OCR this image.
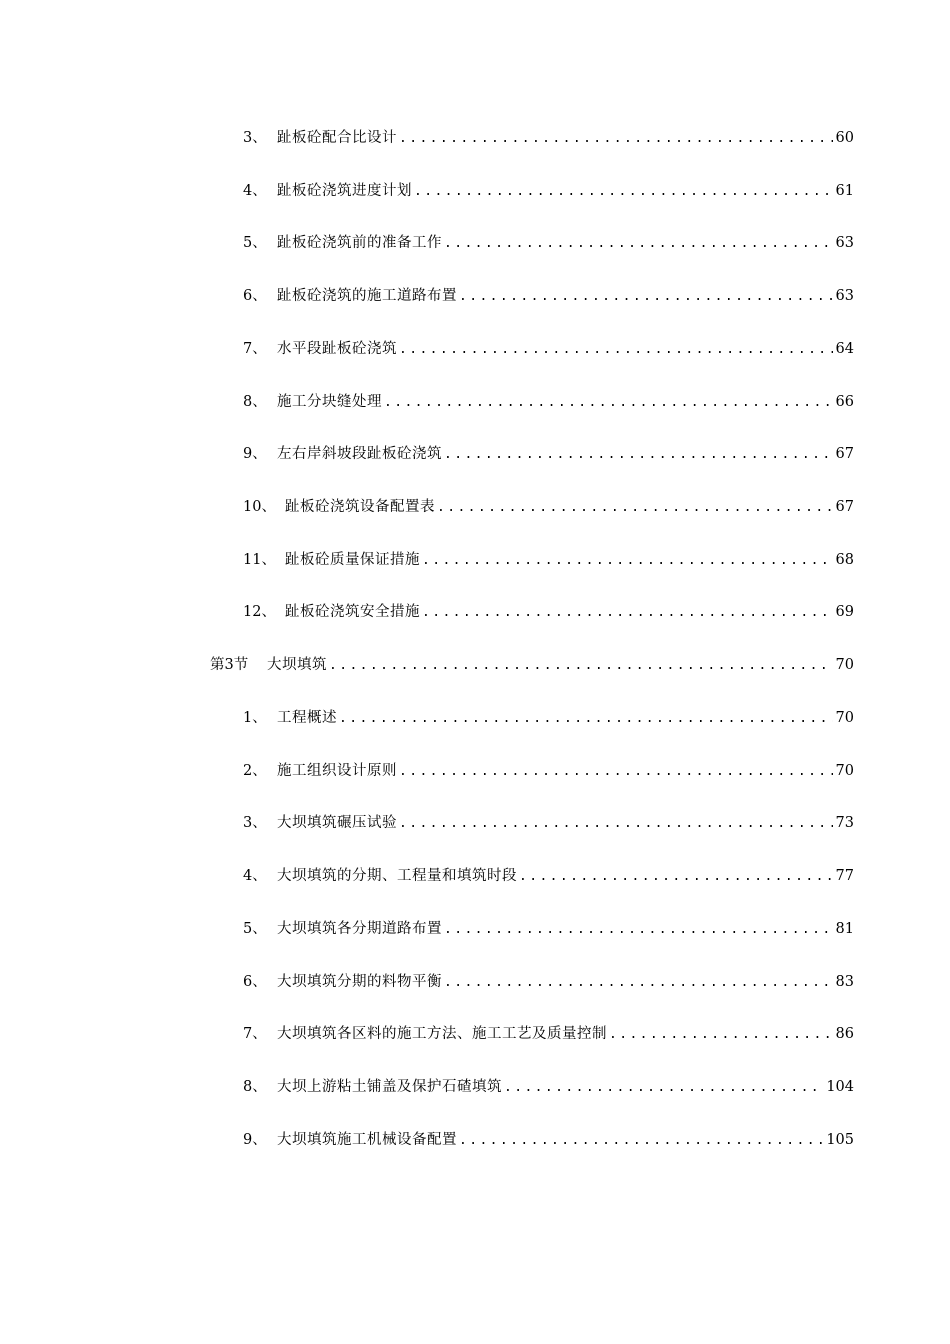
3、 趾板砼配合比设计 .....	60
4、 趾板砼浇筑进度计划 .....	61
5、 趾板砼浇筑前的准备工作 .....	63
6、 趾板砼浇筑的施工道路布置 .....	63
7、 水平段趾板砼浇筑 .....	64
8、 施工分块缝处理 .....	66
9、 左右岸斜坡段趾板砼浇筑 .....	67
10、 趾板砼浇筑设备配置表 .....	67
11、 趾板砼质量保证措施 .....	68
12、 趾板砼浇筑安全措施 .....	69
第3节	大坝填筑 .....	70
1、 工程概述 .....	70
2、 施工组织设计原则 .....	70
3、 大坝填筑碾压试验 .....	73
4、 大坝填筑的分期、工程量和填筑时段 .....	77
5、 大坝填筑各分期道路布置 .....	81
6、 大坝填筑分期的料物平衡 .....	83
7、 大坝填筑各区料的施工方法、施工工艺及质量控制 .....	86
8、 大坝上游粘土铺盖及保护石碴填筑 .....	104
9、 大坝填筑施工机械设备配置 .....	105
